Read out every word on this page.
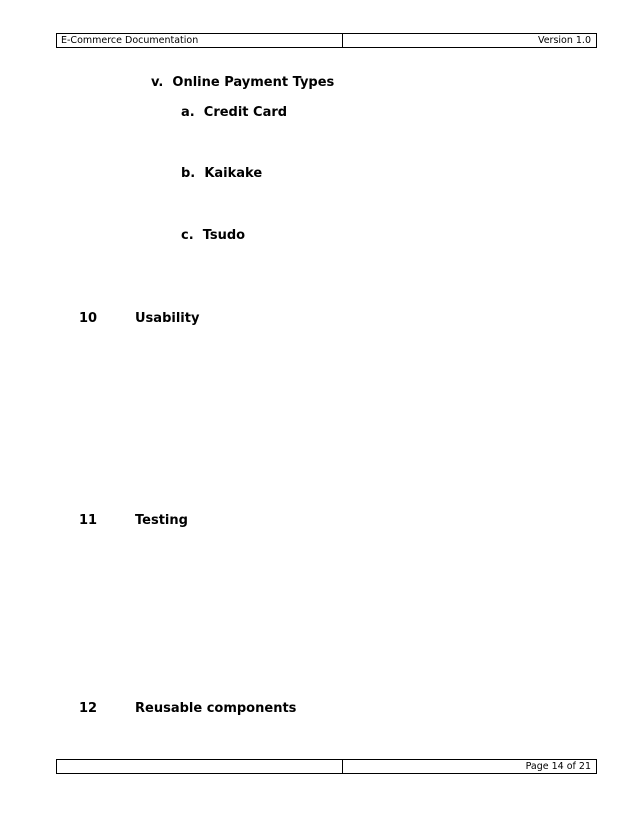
E-Commerce Documentation	Version 1.0
v. Online Payment Types
a. Credit Card
b. Kaikake
c. Tsudo
10	Usability
11	Testing
12	Reusable components
Page 14 of 21
